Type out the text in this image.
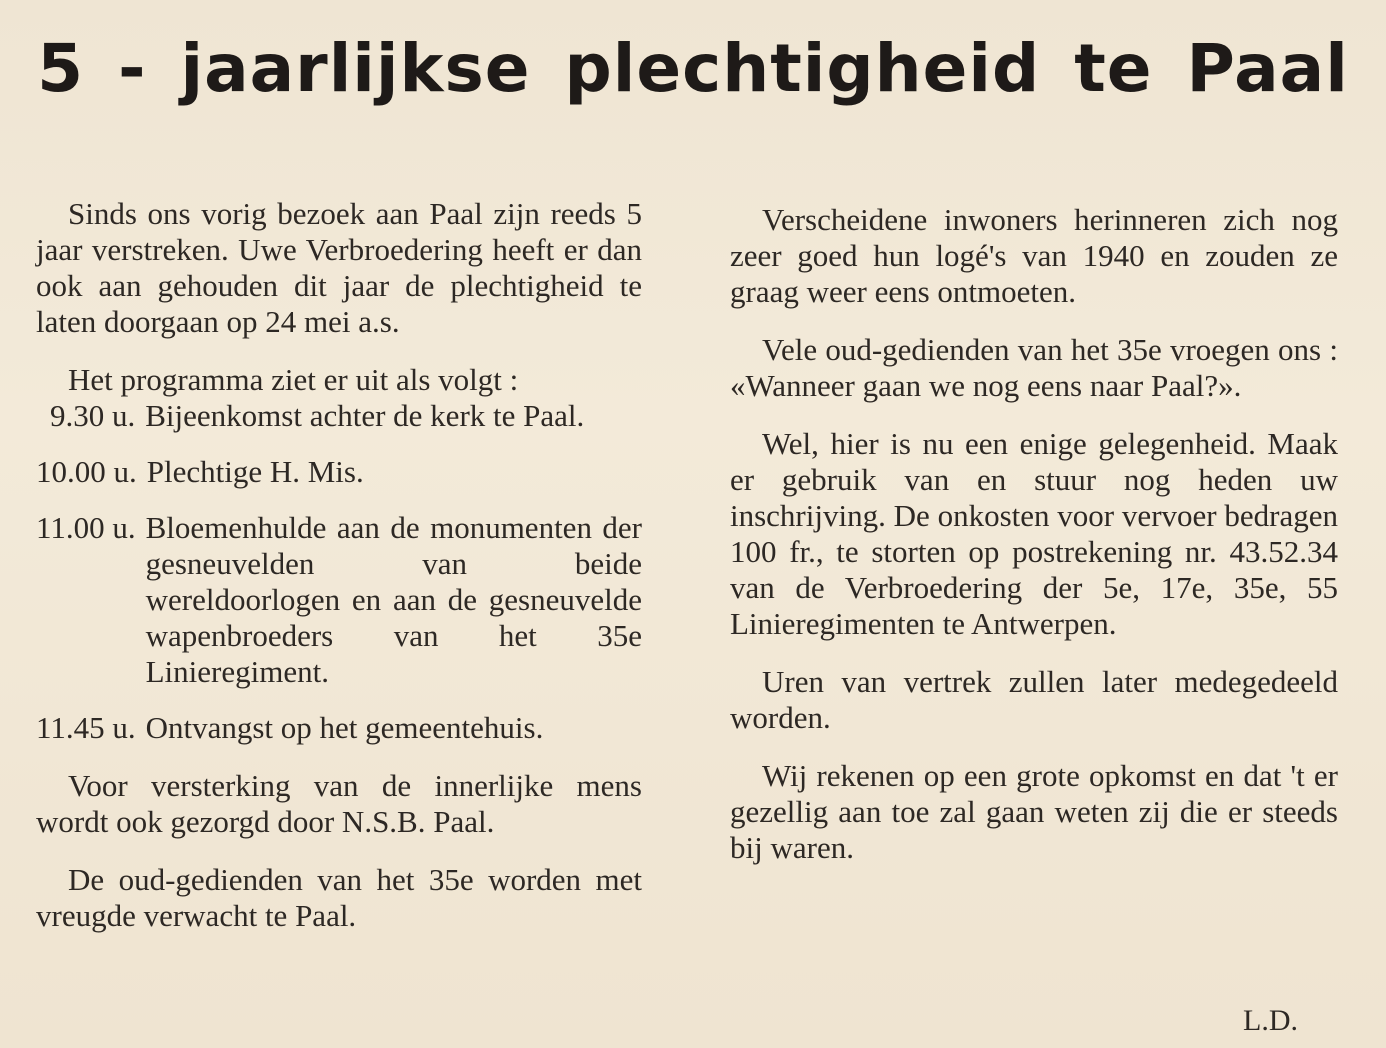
5 - jaarlijkse plechtigheid te Paal

Sinds ons vorig bezoek aan Paal zijn reeds 5 jaar verstreken. Uwe Verbroedering heeft er dan ook aan gehouden dit jaar de plechtigheid te laten doorgaan op 24 mei a.s.

Het programma ziet er uit als volgt :

9.30 u. Bijeenkomst achter de kerk te Paal.
10.00 u. Plechtige H. Mis.
11.00 u. Bloemenhulde aan de monumenten der gesneuvelden van beide wereldoorlogen en aan de gesneuvelde wapenbroeders van het 35e Linieregiment.
11.45 u. Ontvangst op het gemeentehuis.

Voor versterking van de innerlijke mens wordt ook gezorgd door N.S.B. Paal.

De oud-gedienden van het 35e worden met vreugde verwacht te Paal.

Verscheidene inwoners herinneren zich nog zeer goed hun logé's van 1940 en zouden ze graag weer eens ontmoeten.

Vele oud-gedienden van het 35e vroegen ons : «Wanneer gaan we nog eens naar Paal?».

Wel, hier is nu een enige gelegenheid. Maak er gebruik van en stuur nog heden uw inschrijving. De onkosten voor vervoer bedragen 100 fr., te storten op postrekening nr. 43.52.34 van de Verbroedering der 5e, 17e, 35e, 55 Linieregimenten te Antwerpen.

Uren van vertrek zullen later medegedeeld worden.

Wij rekenen op een grote opkomst en dat 't er gezellig aan toe zal gaan weten zij die er steeds bij waren.

L.D.
